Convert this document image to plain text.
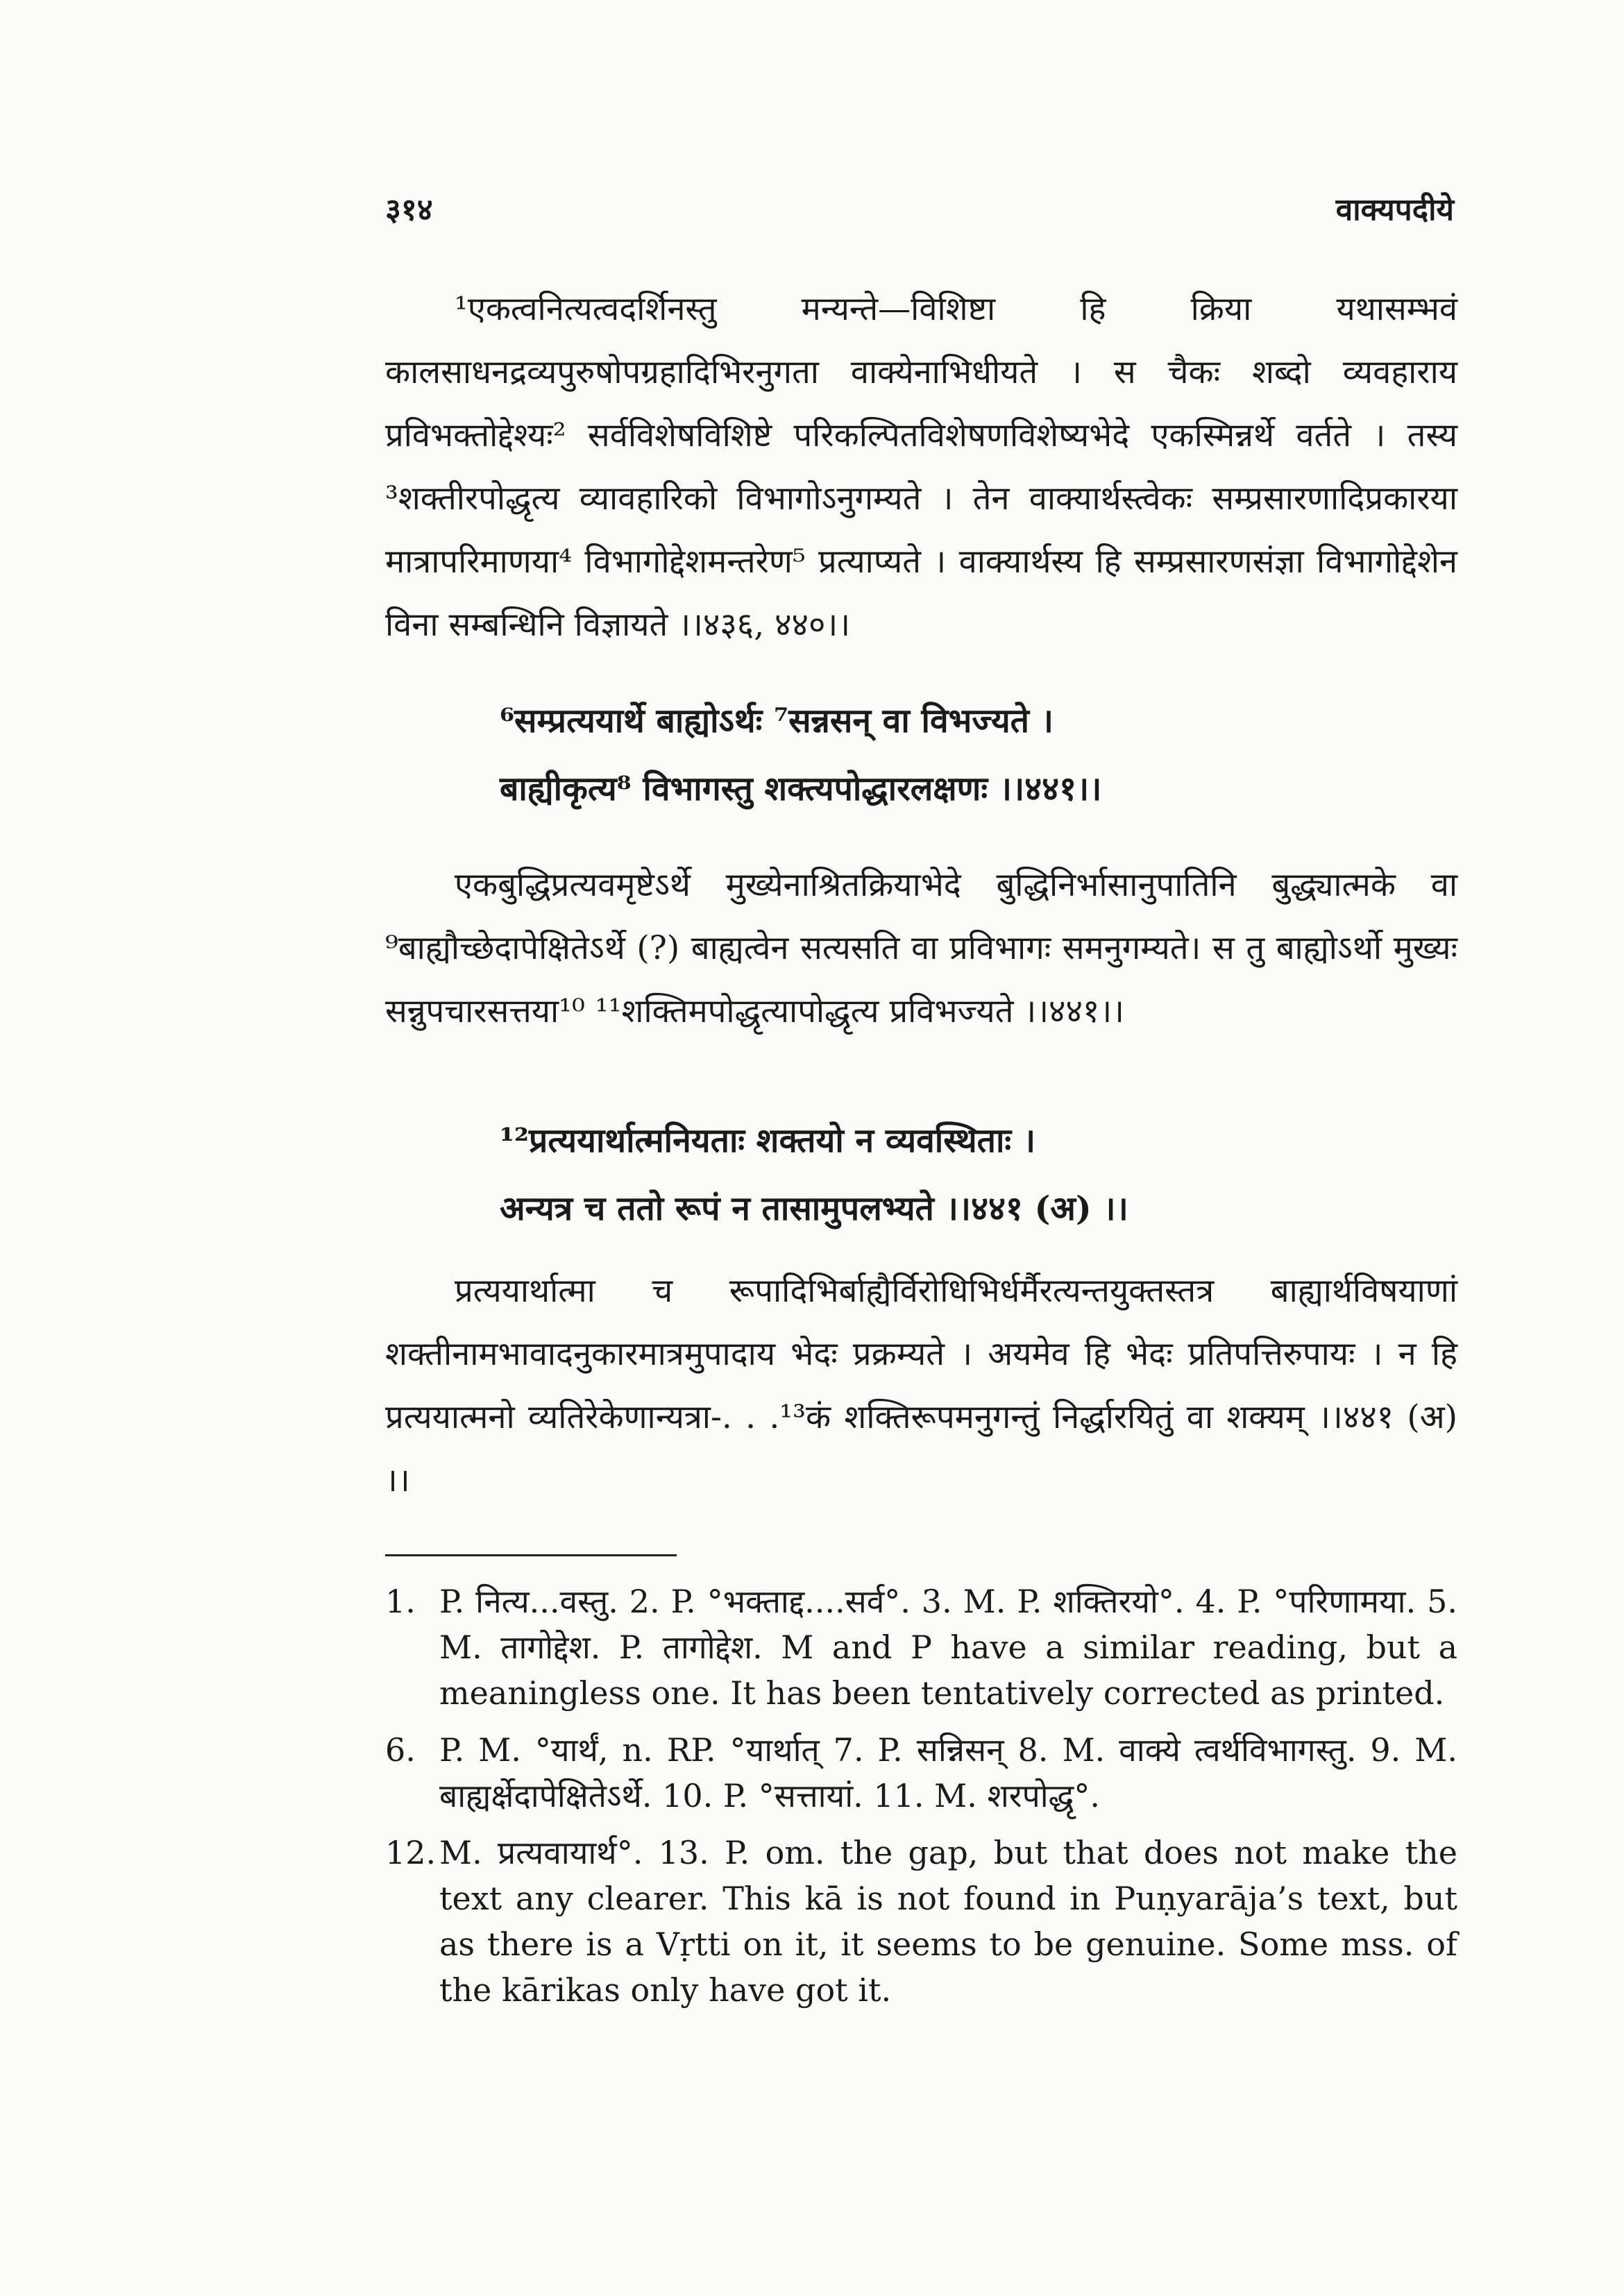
३१४	वाक्यपदीये

¹एकत्वनित्यत्वदर्शिनस्तु मन्यन्ते—विशिष्टा हि क्रिया यथासम्भवं कालसाधनद्रव्यपुरुषोपग्रहादिभिरनुगता वाक्येनाभिधीयते । स चैकः शब्दो व्यवहाराय प्रविभक्तोद्देश्यः² सर्वविशेषविशिष्टे परिकल्पितविशेषणविशेष्यभेदे एकस्मिन्नर्थे वर्तते । तस्य ³शक्तीरपोद्धृत्य व्यावहारिको विभागोऽनुगम्यते । तेन वाक्यार्थस्त्वेकः सम्प्रसारणादिप्रकारया मात्रापरिमाणया⁴ विभागोद्देशमन्तरेण⁵ प्रत्याप्यते । वाक्यार्थस्य हि सम्प्रसारणसंज्ञा विभागोद्देशेन विना सम्बन्धिनि विज्ञायते ।।४३६, ४४०।।

⁶सम्प्रत्ययार्थे बाह्योऽर्थः ⁷सन्नसन् वा विभज्यते ।
बाह्यीकृत्य⁸ विभागस्तु शक्त्यपोद्धारलक्षणः ।।४४१।।

एकबुद्धिप्रत्यवमृष्टेऽर्थे मुख्येनाश्रितक्रियाभेदे बुद्धिनिर्भासानुपातिनि बुद्ध्यात्मके वा ⁹बाह्यौच्छेदापेक्षितेऽर्थे (?) बाह्यत्वेन सत्यसति वा प्रविभागः समनुगम्यते। स तु बाह्योऽर्थो मुख्यः सन्नुपचारसत्तया¹⁰ ¹¹शक्तिमपोद्धृत्यापोद्धृत्य प्रविभज्यते ।।४४१।।

¹²प्रत्ययार्थात्मनियताः शक्तयो न व्यवस्थिताः ।
अन्यत्र च ततो रूपं न तासामुपलभ्यते ।।४४१ (अ) ।।

प्रत्ययार्थात्मा च रूपादिभिर्बाह्यैर्विरोधिभिर्धर्मैरत्यन्तयुक्तस्तत्र बाह्यार्थविषयाणां शक्तीनामभावादनुकारमात्रमुपादाय भेदः प्रक्रम्यते । अयमेव हि भेदः प्रतिपत्तिरुपायः । न हि प्रत्ययात्मनो व्यतिरेकेणान्यत्रा-. . .¹³कं शक्तिरूपमनुगन्तुं निर्द्धारयितुं वा शक्यम् ।।४४१ (अ) ।।

1. P. नित्य...वस्तु. 2. P. °भक्ताद्द....सर्व°. 3. M. P. शक्तिरयो°. 4. P. °परिणामया. 5. M. तागोद्देश. P. तागोद्देश. M and P have a similar reading, but a meaningless one. It has been tentatively corrected as printed.
6. P. M. °यार्थं, n. RP. °यार्थात् 7. P. सन्निसन् 8. M. वाक्ये त्वर्थविभागस्तु. 9. M. बाह्यर्क्षेदापेक्षितेऽर्थे. 10. P. °सत्तायां. 11. M. शरपोद्धृ°.
12. M. प्रत्यवायार्थ°. 13. P. om. the gap, but that does not make the text any clearer. This kā is not found in Puṇyarāja’s text, but as there is a Vṛtti on it, it seems to be genuine. Some mss. of the kārikas only have got it.
